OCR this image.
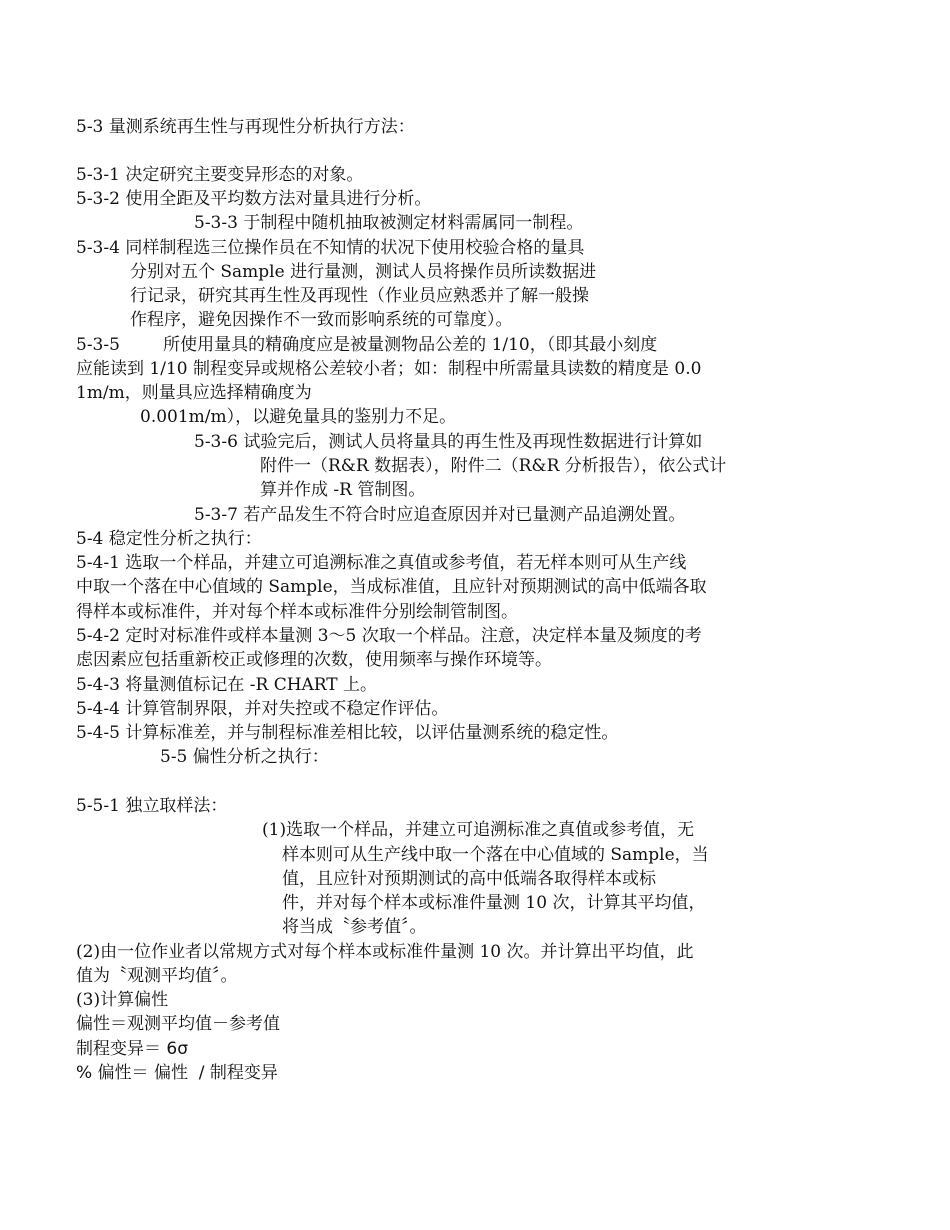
5-3 量测系统再生性与再现性分析执行方法：
5-3-1 决定研究主要变异形态的对象。
5-3-2 使用全距及平均数方法对量具进行分析。
5-3-3 于制程中随机抽取被测定材料需属同一制程。
5-3-4 同样制程选三位操作员在不知情的状况下使用校验合格的量具
分别对五个 Sample 进行量测，测试人员将操作员所读数据进
行记录，研究其再生性及再现性（作业员应熟悉并了解一般操
作程序，避免因操作不一致而影响系统的可靠度）。
5-3-5        所使用量具的精确度应是被量测物品公差的 1/10，（即其最小刻度
应能读到 1/10 制程变异或规格公差较小者；如：制程中所需量具读数的精度是 0.0
1m/m，则量具应选择精确度为
0.001m/m），以避免量具的鉴别力不足。
5-3-6 试验完后，测试人员将量具的再生性及再现性数据进行计算如
附件一（R&R 数据表），附件二（R&R 分析报告），依公式计
算并作成 -R 管制图。
5-3-7 若产品发生不符合时应追查原因并对已量测产品追溯处置。
5-4 稳定性分析之执行：
5-4-1 选取一个样品，并建立可追溯标准之真值或参考值，若无样本则可从生产线
中取一个落在中心值域的 Sample，当成标准值，且应针对预期测试的高中低端各取
得样本或标准件，并对每个样本或标准件分别绘制管制图。
5-4-2 定时对标准件或样本量测 3～5 次取一个样品。注意，决定样本量及频度的考
虑因素应包括重新校正或修理的次数，使用频率与操作环境等。
5-4-3 将量测值标记在 -R CHART 上。
5-4-4 计算管制界限，并对失控或不稳定作评估。
5-4-5 计算标准差，并与制程标准差相比较，以评估量测系统的稳定性。
5-5 偏性分析之执行：
5-5-1 独立取样法：
(1)选取一个样品，并建立可追溯标准之真值或参考值，无
样本则可从生产线中取一个落在中心值域的 Sample，当
值，且应针对预期测试的高中低端各取得样本或标
件，并对每个样本或标准件量测 10 次，计算其平均值，
将当成〝参考值〞。
(2)由一位作业者以常规方式对每个样本或标准件量测 10 次。并计算出平均值，此
值为〝观测平均值〞。
(3)计算偏性
偏性＝观测平均值－参考值
制程变异＝ 6σ
% 偏性＝ 偏性  / 制程变异
